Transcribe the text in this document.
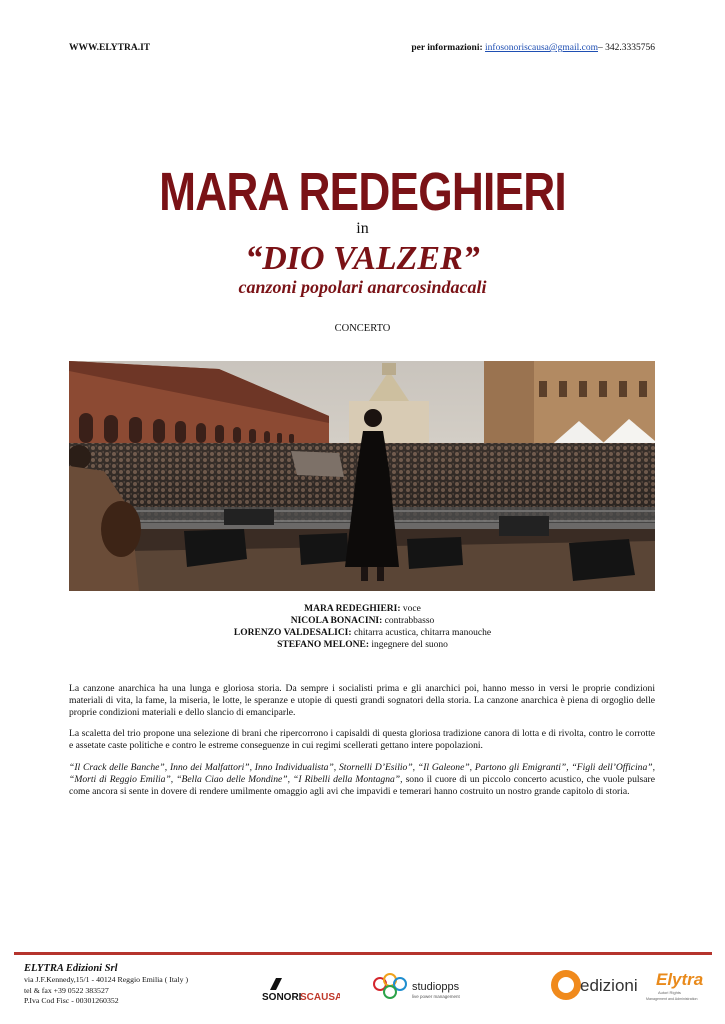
WWW.ELYTRA.IT	per informazioni: infosonoriscausa@gmail.com– 342.3335756
MARA REDEGHIERI
in
“DIO VALZER”
canzoni popolari anarcosindacali
CONCERTO
MARA REDEGHIERI: voce
NICOLA BONACINI: contrabbasso
LORENZO VALDESALICI: chitarra acustica, chitarra manouche
STEFANO MELONE: ingegnere del suono

La canzone anarchica ha una lunga e gloriosa storia. Da sempre i socialisti prima e gli anarchici poi, hanno messo in versi le proprie condizioni materiali di vita, la fame, la miseria, le lotte, le speranze e utopie di questi grandi sognatori della storia. La canzone anarchica è piena di orgoglio delle proprie condizioni materiali e dello slancio di emanciparle.

La scaletta del trio propone una selezione di brani che ripercorrono i capisaldi di questa gloriosa tradizione canora di lotta e di rivolta, contro le corrotte e assetate caste politiche e contro le estreme conseguenze in cui regimi scellerati gettano intere popolazioni.

“Il Crack delle Banche”, Inno dei Malfattori”, Inno Individualista”, Stornelli D’Esilio”, “Il Galeone”, Partono gli Emigranti”, “Figli dell’Officina”, “Morti di Reggio Emilia”, “Bella Ciao delle Mondine”, “I Ribelli della Montagna”, sono il cuore di un piccolo concerto acustico, che vuole pulsare come ancora si sente in dovere di rendere umilmente omaggio agli avi che impavidi e temerari hanno costruito un nostro grande capitolo di storia.

ELYTRA Edizioni Srl
via J.F.Kennedy,15/1 - 40124 Reggio Emilia ( Italy )
tel & fax +39 0522 383527
P.Iva Cod Fisc - 00301260352	SONORI
SCAUSA
studiopps
live power management
edizioni Elytra
Autori Rights
Management and Administration
